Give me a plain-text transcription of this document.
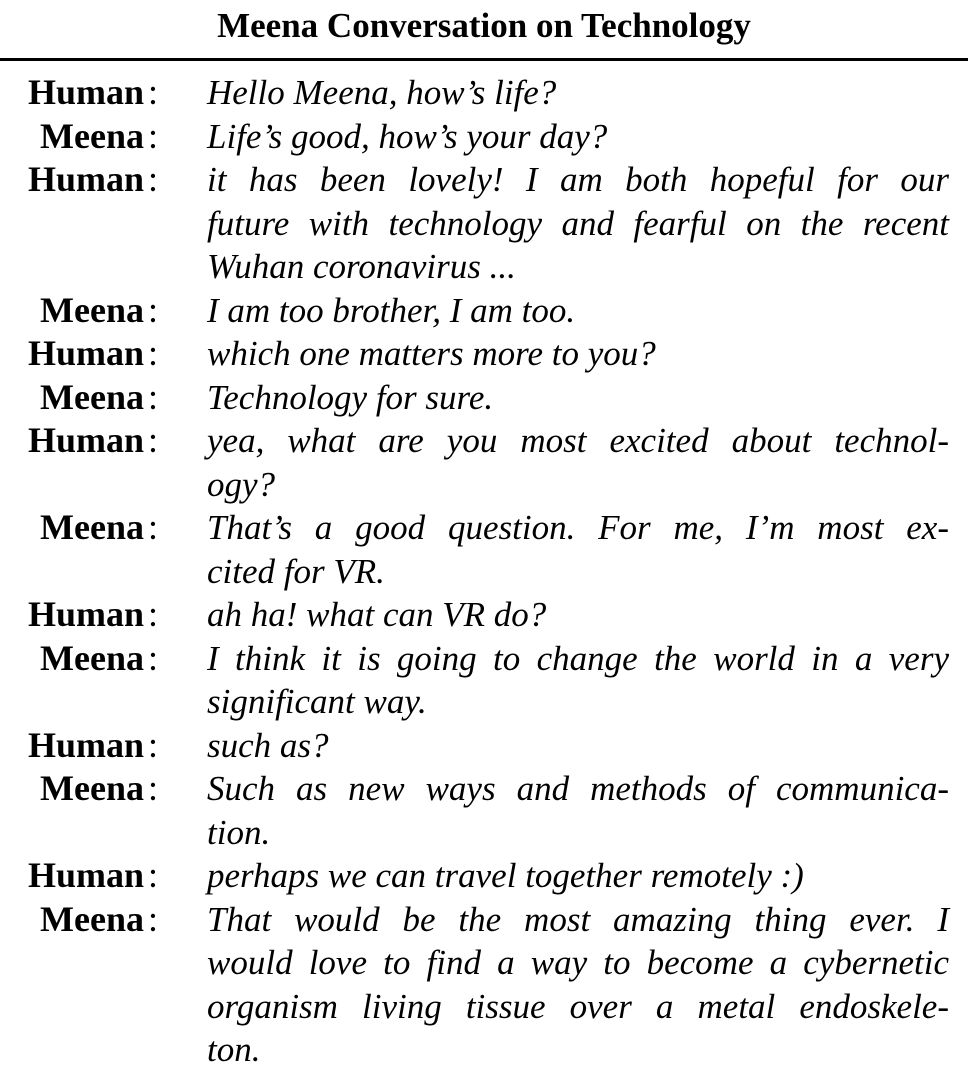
Meena Conversation on Technology
Human : Hello Meena, how’s life?
Meena : Life’s good, how’s your day?
Human : it has been lovely! I am both hopeful for our
future with technology and fearful on the recent
Wuhan coronavirus ...
Meena : I am too brother, I am too.
Human : which one matters more to you?
Meena : Technology for sure.
Human : yea, what are you most excited about technol-
ogy?
Meena : That’s a good question. For me, I’m most ex-
cited for VR.
Human : ah ha! what can VR do?
Meena : I think it is going to change the world in a very
significant way.
Human : such as?
Meena : Such as new ways and methods of communica-
tion.
Human : perhaps we can travel together remotely :)
Meena : That would be the most amazing thing ever. I
would love to find a way to become a cybernetic
organism living tissue over a metal endoskele-
ton.
